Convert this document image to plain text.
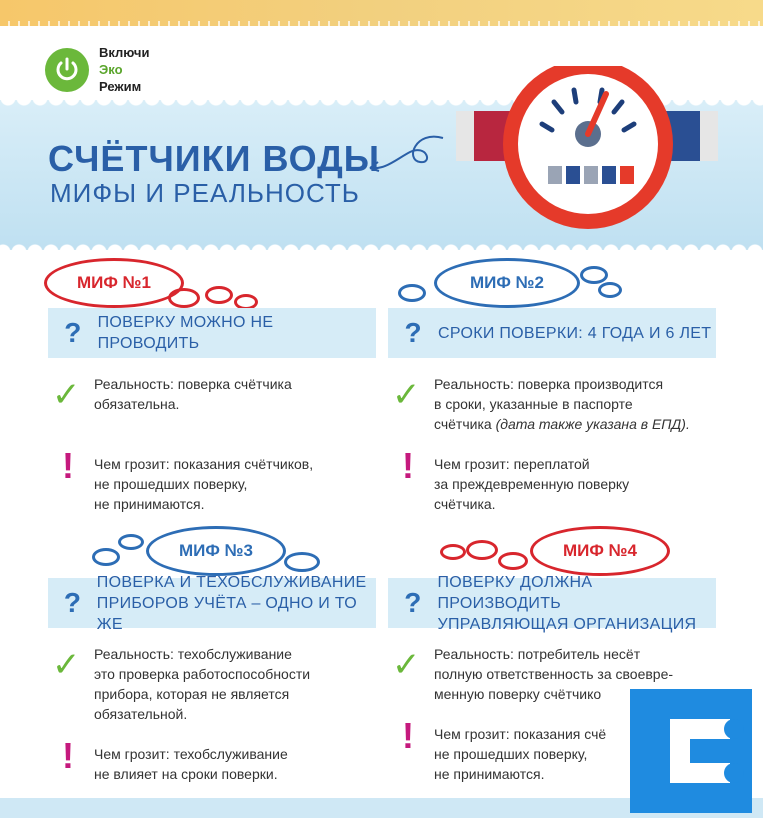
Включи
Эко
Режим
СЧЁТЧИКИ ВОДЫ
МИФЫ И РЕАЛЬНОСТЬ
МИФ №1
?	ПОВЕРКУ МОЖНО НЕ ПРОВОДИТЬ
✓ Реальность: поверка счётчика
обязательна.
! Чем грозит: показания счётчиков,
не прошедших поверку,
не принимаются.
МИФ №2
?	СРОКИ ПОВЕРКИ: 4 ГОДА И 6 ЛЕТ
✓ Реальность: поверка производится
в сроки, указанные в паспорте
счётчика (дата также указана в ЕПД).
! Чем грозит: переплатой
за преждевременную поверку
счётчика.
МИФ №3
?
ПОВЕРКА И ТЕХОБСЛУЖИВАНИЕ
ПРИБОРОВ УЧЁТА – ОДНО И ТО ЖЕ
✓ Реальность: техобслуживание
это проверка работоспособности
прибора, которая не является
обязательной.
! Чем грозит: техобслуживание
не влияет на сроки поверки.
МИФ №4
?
ПОВЕРКУ ДОЛЖНА ПРОИЗВОДИТЬ
УПРАВЛЯЮЩАЯ ОРГАНИЗАЦИЯ
✓ Реальность: потребитель несёт
полную ответственность за своевре-
менную поверку счётчико
! Чем грозит: показания счё
не прошедших поверку,
не принимаются.
